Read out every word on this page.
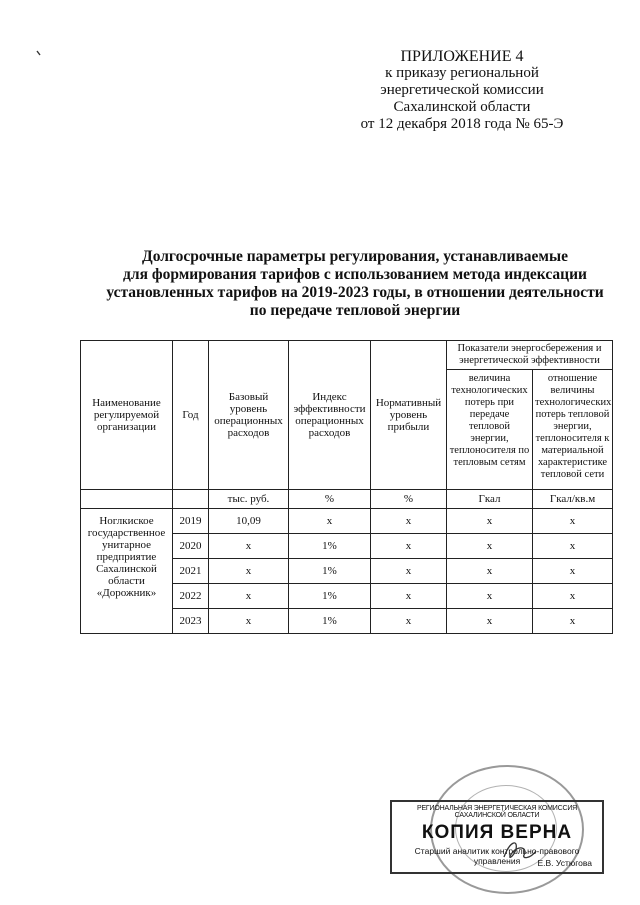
ПРИЛОЖЕНИЕ 4
к приказу региональной
энергетической комиссии
Сахалинской области
от 12 декабря 2018 года № 65-Э
Долгосрочные параметры регулирования, устанавливаемые
для формирования тарифов с использованием метода индексации
установленных тарифов на 2019-2023 годы, в отношении деятельности
по передаче тепловой энергии
Наименование регулируемой организации	Год	Базовый уровень операционных расходов	Индекс эффективности операционных расходов	Нормативный уровень прибыли	Показатели энергосбережения и энергетической эффективности	
					величина технологических потерь при передаче тепловой энергии, теплоносителя по тепловым сетям	отношение величины технологических потерь тепловой энергии, теплоносителя к материальной характеристике тепловой сети
		тыс. руб.	%	%	Гкал	Гкал/кв.м
Ноглкиское государственное унитарное предприятие Сахалинской области «Дорожник»	2019	10,09	x	x	x	x
	2020	x	1%	x	x	x
	2021	x	1%	x	x	x
	2022	x	1%	x	x	x
	2023	x	1%	x	x	x
РЕГИОНАЛЬНАЯ ЭНЕРГЕТИЧЕСКАЯ КОМИССИЯ САХАЛИНСКОЙ ОБЛАСТИ
КОПИЯ ВЕРНА
Старший аналитик контрольно-правового управления	Е.В. Устюгова
